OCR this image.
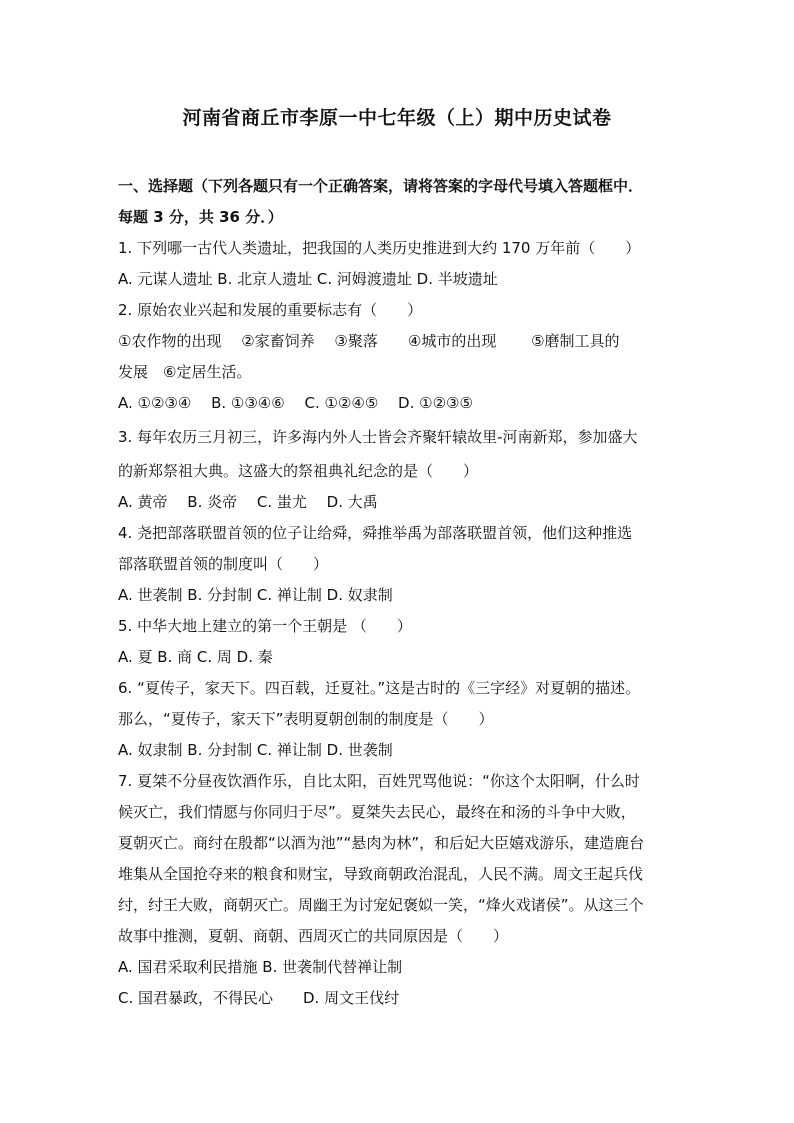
河南省商丘市李原一中七年级（上）期中历史试卷

一、选择题（下列各题只有一个正确答案，请将答案的字母代号填入答题框中．

每题 3 分，共 36 分．）

1. 下列哪一古代人类遗址，把我国的人类历史推进到大约 170 万年前（　　）

A. 元谋人遗址 B. 北京人遗址 C. 河姆渡遗址 D. 半坡遗址

2. 原始农业兴起和发展的重要标志有（　　）

①农作物的出现　 ②家畜饲养　 ③聚落　　④城市的出现　　 ⑤磨制工具的

发展　⑥定居生活。

A. ①②③④　 B. ①③④⑥　 C. ①②④⑤　 D. ①②③⑤

3. 每年农历三月初三，许多海内外人士皆会齐聚轩辕故里-河南新郑，参加盛大

的新郑祭祖大典。这盛大的祭祖典礼纪念的是（　　）

A. 黄帝　 B. 炎帝　 C. 蚩尤　 D. 大禹

4. 尧把部落联盟首领的位子让给舜，舜推举禹为部落联盟首领，他们这种推选

部落联盟首领的制度叫（　　）

A. 世袭制 B. 分封制 C. 禅让制 D. 奴隶制

5. 中华大地上建立的第一个王朝是 （　　）

A. 夏 B. 商 C. 周 D. 秦

6. “夏传子，家天下。四百载，迁夏社。”这是古时的《三字经》对夏朝的描述。

那么，“夏传子，家天下”表明夏朝创制的制度是（　　）

A. 奴隶制 B. 分封制 C. 禅让制 D. 世袭制

7. 夏桀不分昼夜饮酒作乐，自比太阳，百姓咒骂他说：“你这个太阳啊，什么时

候灭亡，我们情愿与你同归于尽”。夏桀失去民心，最终在和汤的斗争中大败，

夏朝灭亡。商纣在殷都“以酒为池”“悬肉为林”，和后妃大臣嬉戏游乐，建造鹿台

堆集从全国抢夺来的粮食和财宝，导致商朝政治混乱，人民不满。周文王起兵伐

纣，纣王大败，商朝灭亡。周幽王为讨宠妃褒姒一笑，“烽火戏诸侯”。从这三个

故事中推测，夏朝、商朝、西周灭亡的共同原因是（　　）

A. 国君采取利民措施 B. 世袭制代替禅让制

C. 国君暴政，不得民心　　D. 周文王伐纣
